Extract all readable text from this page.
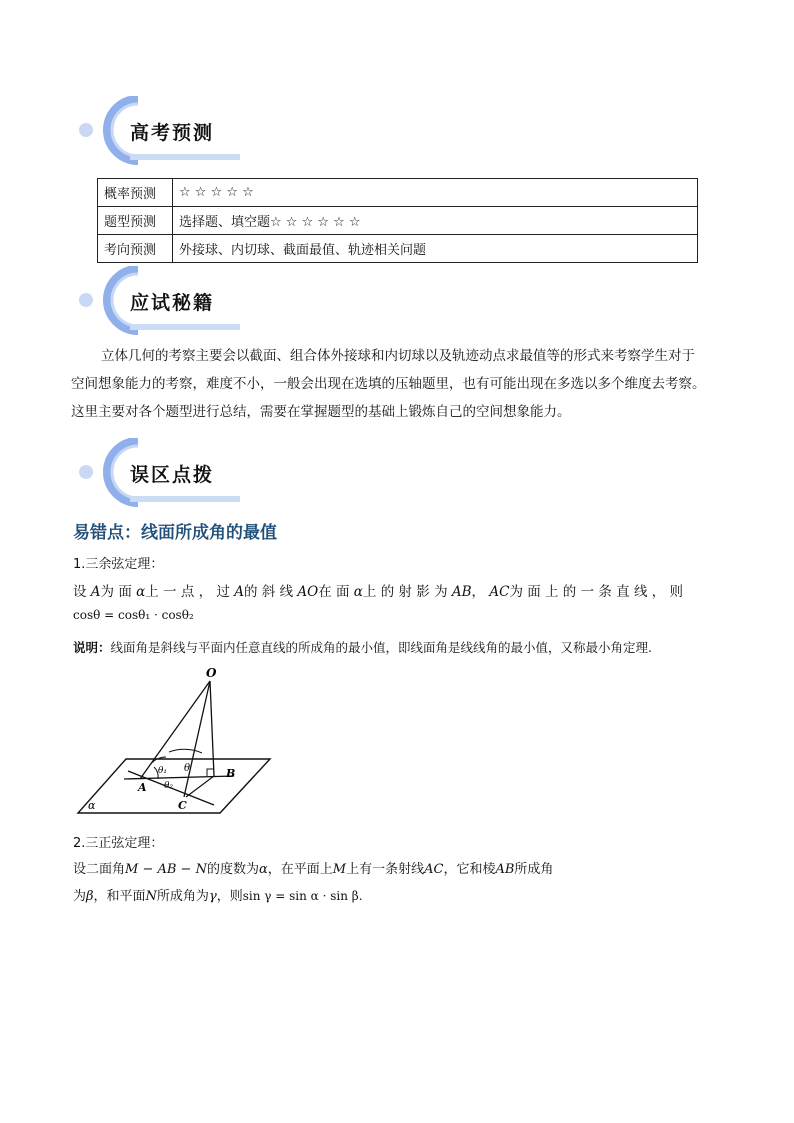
高考预测
概率预测	☆ ☆ ☆ ☆ ☆
题型预测	选择题、填空题☆ ☆ ☆ ☆ ☆ ☆
考向预测	外接球、内切球、截面最值、轨迹相关问题
应试秘籍
立体几何的考察主要会以截面、组合体外接球和内切球以及轨迹动点求最值等的形式来考察学生对于
空间想象能力的考察，难度不小，一般会出现在选填的压轴题里，也有可能出现在多选以多个维度去考察。
这里主要对各个题型进行总结，需要在掌握题型的基础上锻炼自己的空间想象能力。
误区点拨
易错点：线面所成角的最值
1.三余弦定理：
设 A为 面 α上 一 点 ， 过 A的 斜 线 AO在 面 α上 的 射 影 为 AB， AC为 面 上 的 一 条 直 线 ， 则
cosθ = cosθ₁ · cosθ₂
说明：线面角是斜线与平面内任意直线的所成角的最小值，即线面角是线线角的最小值，又称最小角定理.
O
A
B
C
θ₁
θ₂
θ
α
2.三正弦定理：
设二面角M − AB − N的度数为α，在平面上M上有一条射线AC，它和棱AB所成角
为β，和平面N所成角为γ，则sin γ = sin α · sin β.
